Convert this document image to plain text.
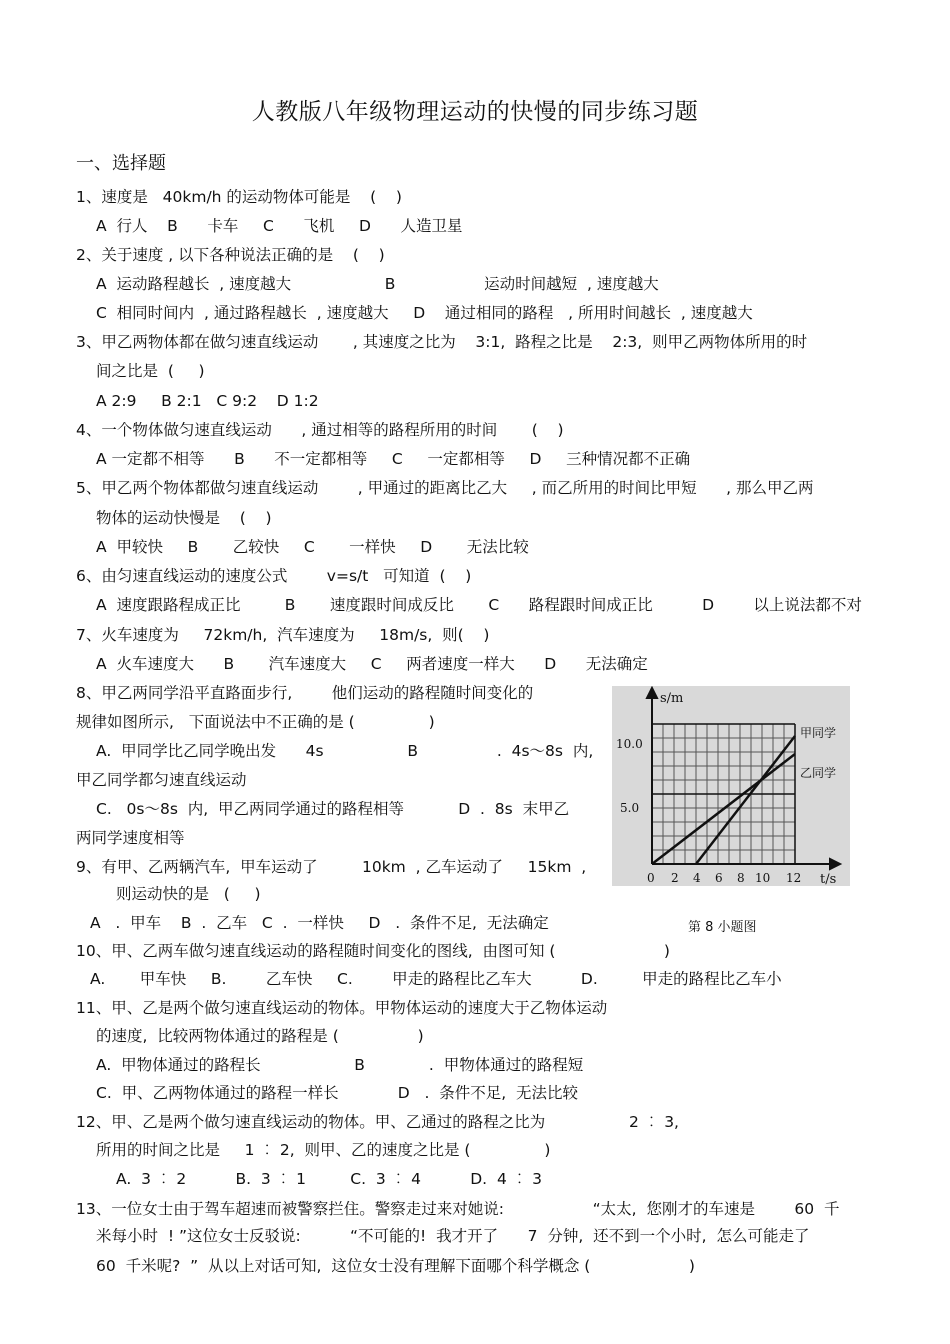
人教版八年级物理运动的快慢的同步练习题
一、选择题
1、速度是   40km/h 的运动物体可能是    (    )
A  行人    B      卡车     C      飞机     D      人造卫星
2、关于速度 , 以下各种说法正确的是    (    )
A  运动路程越长  , 速度越大                   B                  运动时间越短  , 速度越大
C  相同时间内  , 通过路程越长  , 速度越大     D    通过相同的路程   , 所用时间越长  , 速度越大
3、甲乙两物体都在做匀速直线运动       , 其速度之比为    3:1,  路程之比是    2:3,  则甲乙两物体所用的时
间之比是  (     )
A 2:9     B 2:1   C 9:2    D 1:2
4、一个物体做匀速直线运动      , 通过相等的路程所用的时间       (    )
A 一定都不相等      B      不一定都相等     C     一定都相等     D     三种情况都不正确
5、甲乙两个物体都做匀速直线运动        , 甲通过的距离比乙大     , 而乙所用的时间比甲短      , 那么甲乙两
物体的运动快慢是    (    )
A  甲较快     B       乙较快     C       一样快     D       无法比较
6、由匀速直线运动的速度公式        v=s/t   可知道  (    )
A  速度跟路程成正比         B       速度跟时间成反比       C      路程跟时间成正比          D        以上说法都不对
7、火车速度为     72km/h,  汽车速度为     18m/s,  则(    )
A  火车速度大      B       汽车速度大     C     两者速度一样大      D      无法确定
8、甲乙两同学沿平直路面步行,        他们运动的路程随时间变化的
规律如图所示,   下面说法中不正确的是 (               )
A.  甲同学比乙同学晚出发      4s                 B                .  4s～8s  内,
甲乙同学都匀速直线运动
C.   0s～8s  内,  甲乙两同学通过的路程相等           D  .  8s  末甲乙
两同学速度相等
9、有甲、乙两辆汽车,  甲车运动了         10km  , 乙车运动了     15km  ,
则运动快的是   (     )
A   .  甲车    B  .  乙车   C  .  一样快     D   .  条件不足,  无法确定
10、甲、乙两车做匀速直线运动的路程随时间变化的图线,  由图可知 (                      )
A.       甲车快     B.        乙车快     C.        甲走的路程比乙车大          D.         甲走的路程比乙车小
11、甲、乙是两个做匀速直线运动的物体。甲物体运动的速度大于乙物体运动
的速度,  比较两物体通过的路程是 (                )
A.  甲物体通过的路程长                   B             .  甲物体通过的路程短
C.  甲、乙两物体通过的路程一样长            D   .  条件不足,  无法比较
12、甲、乙是两个做匀速直线运动的物体。甲、乙通过的路程之比为                 2 ︰ 3,
所用的时间之比是     1 ︰ 2,  则甲、乙的速度之比是 (               )
A.  3 ︰ 2          B.  3 ︰ 1         C.  3 ︰ 4          D.  4 ︰ 3
13、一位女士由于驾车超速而被警察拦住。警察走过来对她说:                  “太太,  您刚才的车速是        60  千
米每小时  ! ”这位女士反驳说:          “不可能的!  我才开了      7  分钟,  还不到一个小时,  怎么可能走了
60  千米呢?  ”  从以上对话可知,  这位女士没有理解下面哪个科学概念 (                    )
s/m
t/s
10.0
5.0
0 2 4 6 8 10 12
甲同学
乙同学
第 8 小题图
